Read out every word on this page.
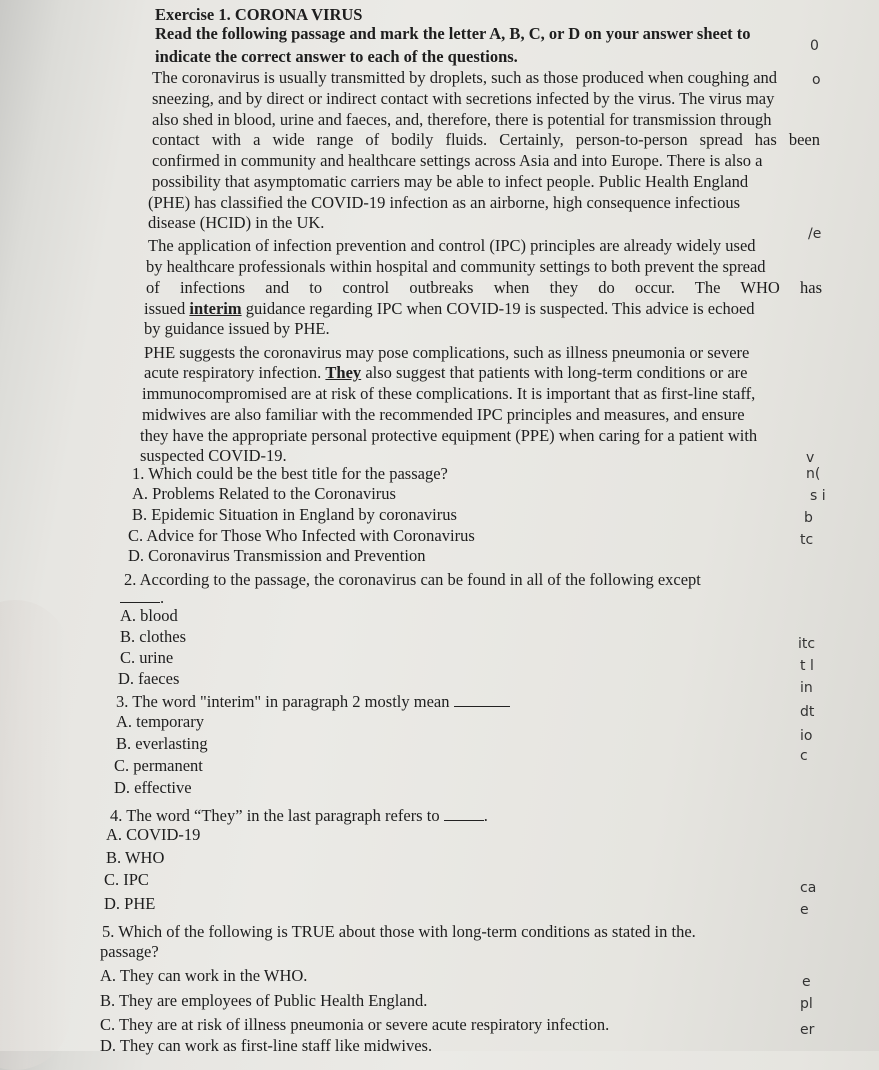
Exercise 1. CORONA VIRUS
Read the following passage and mark the letter A, B, C, or D on your answer sheet to
indicate the correct answer to each of the questions.
The coronavirus is usually transmitted by droplets, such as those produced when coughing and
sneezing, and by direct or indirect contact with secretions infected by the virus. The virus may
also shed in blood, urine and faeces, and, therefore, there is potential for transmission through
contact with a wide range of bodily fluids. Certainly, person-to-person spread has been
confirmed in community and healthcare settings across Asia and into Europe. There is also a
possibility that asymptomatic carriers may be able to infect people. Public Health England
(PHE) has classified the COVID-19 infection as an airborne, high consequence infectious
disease (HCID) in the UK.
The application of infection prevention and control (IPC) principles are already widely used
by healthcare professionals within hospital and community settings to both prevent the spread
of infections and to control outbreaks when they do occur. The WHO has
issued interim guidance regarding IPC when COVID-19 is suspected. This advice is echoed
by guidance issued by PHE.
PHE suggests the coronavirus may pose complications, such as illness pneumonia or severe
acute respiratory infection. They also suggest that patients with long-term conditions or are
immunocompromised are at risk of these complications. It is important that as first-line staff,
midwives are also familiar with the recommended IPC principles and measures, and ensure
they have the appropriate personal protective equipment (PPE) when caring for a patient with
suspected COVID-19.
1. Which could be the best title for the passage?
A. Problems Related to the Coronavirus
B. Epidemic Situation in England by coronavirus
C. Advice for Those Who Infected with Coronavirus
D. Coronavirus Transmission and Prevention
2. According to the passage, the coronavirus can be found in all of the following except
.
A. blood
B. clothes
C. urine
D. faeces
3. The word "interim" in paragraph 2 mostly mean
A. temporary
B. everlasting
C. permanent
D. effective
4. The word “They” in the last paragraph refers to	.
A. COVID-19
B. WHO
C. IPC
D. PHE
5. Which of the following is TRUE about those with long-term conditions as stated in the.
passage?
A. They can work in the WHO.
B. They are employees of Public Health England.
C. They are at risk of illness pneumonia or severe acute respiratory infection.
D. They can work as first-line staff like midwives.
0
o
/e
v
n(
s i
b
tc
itc
t l
in
dt
io
c
ca
e
e
pl
er
